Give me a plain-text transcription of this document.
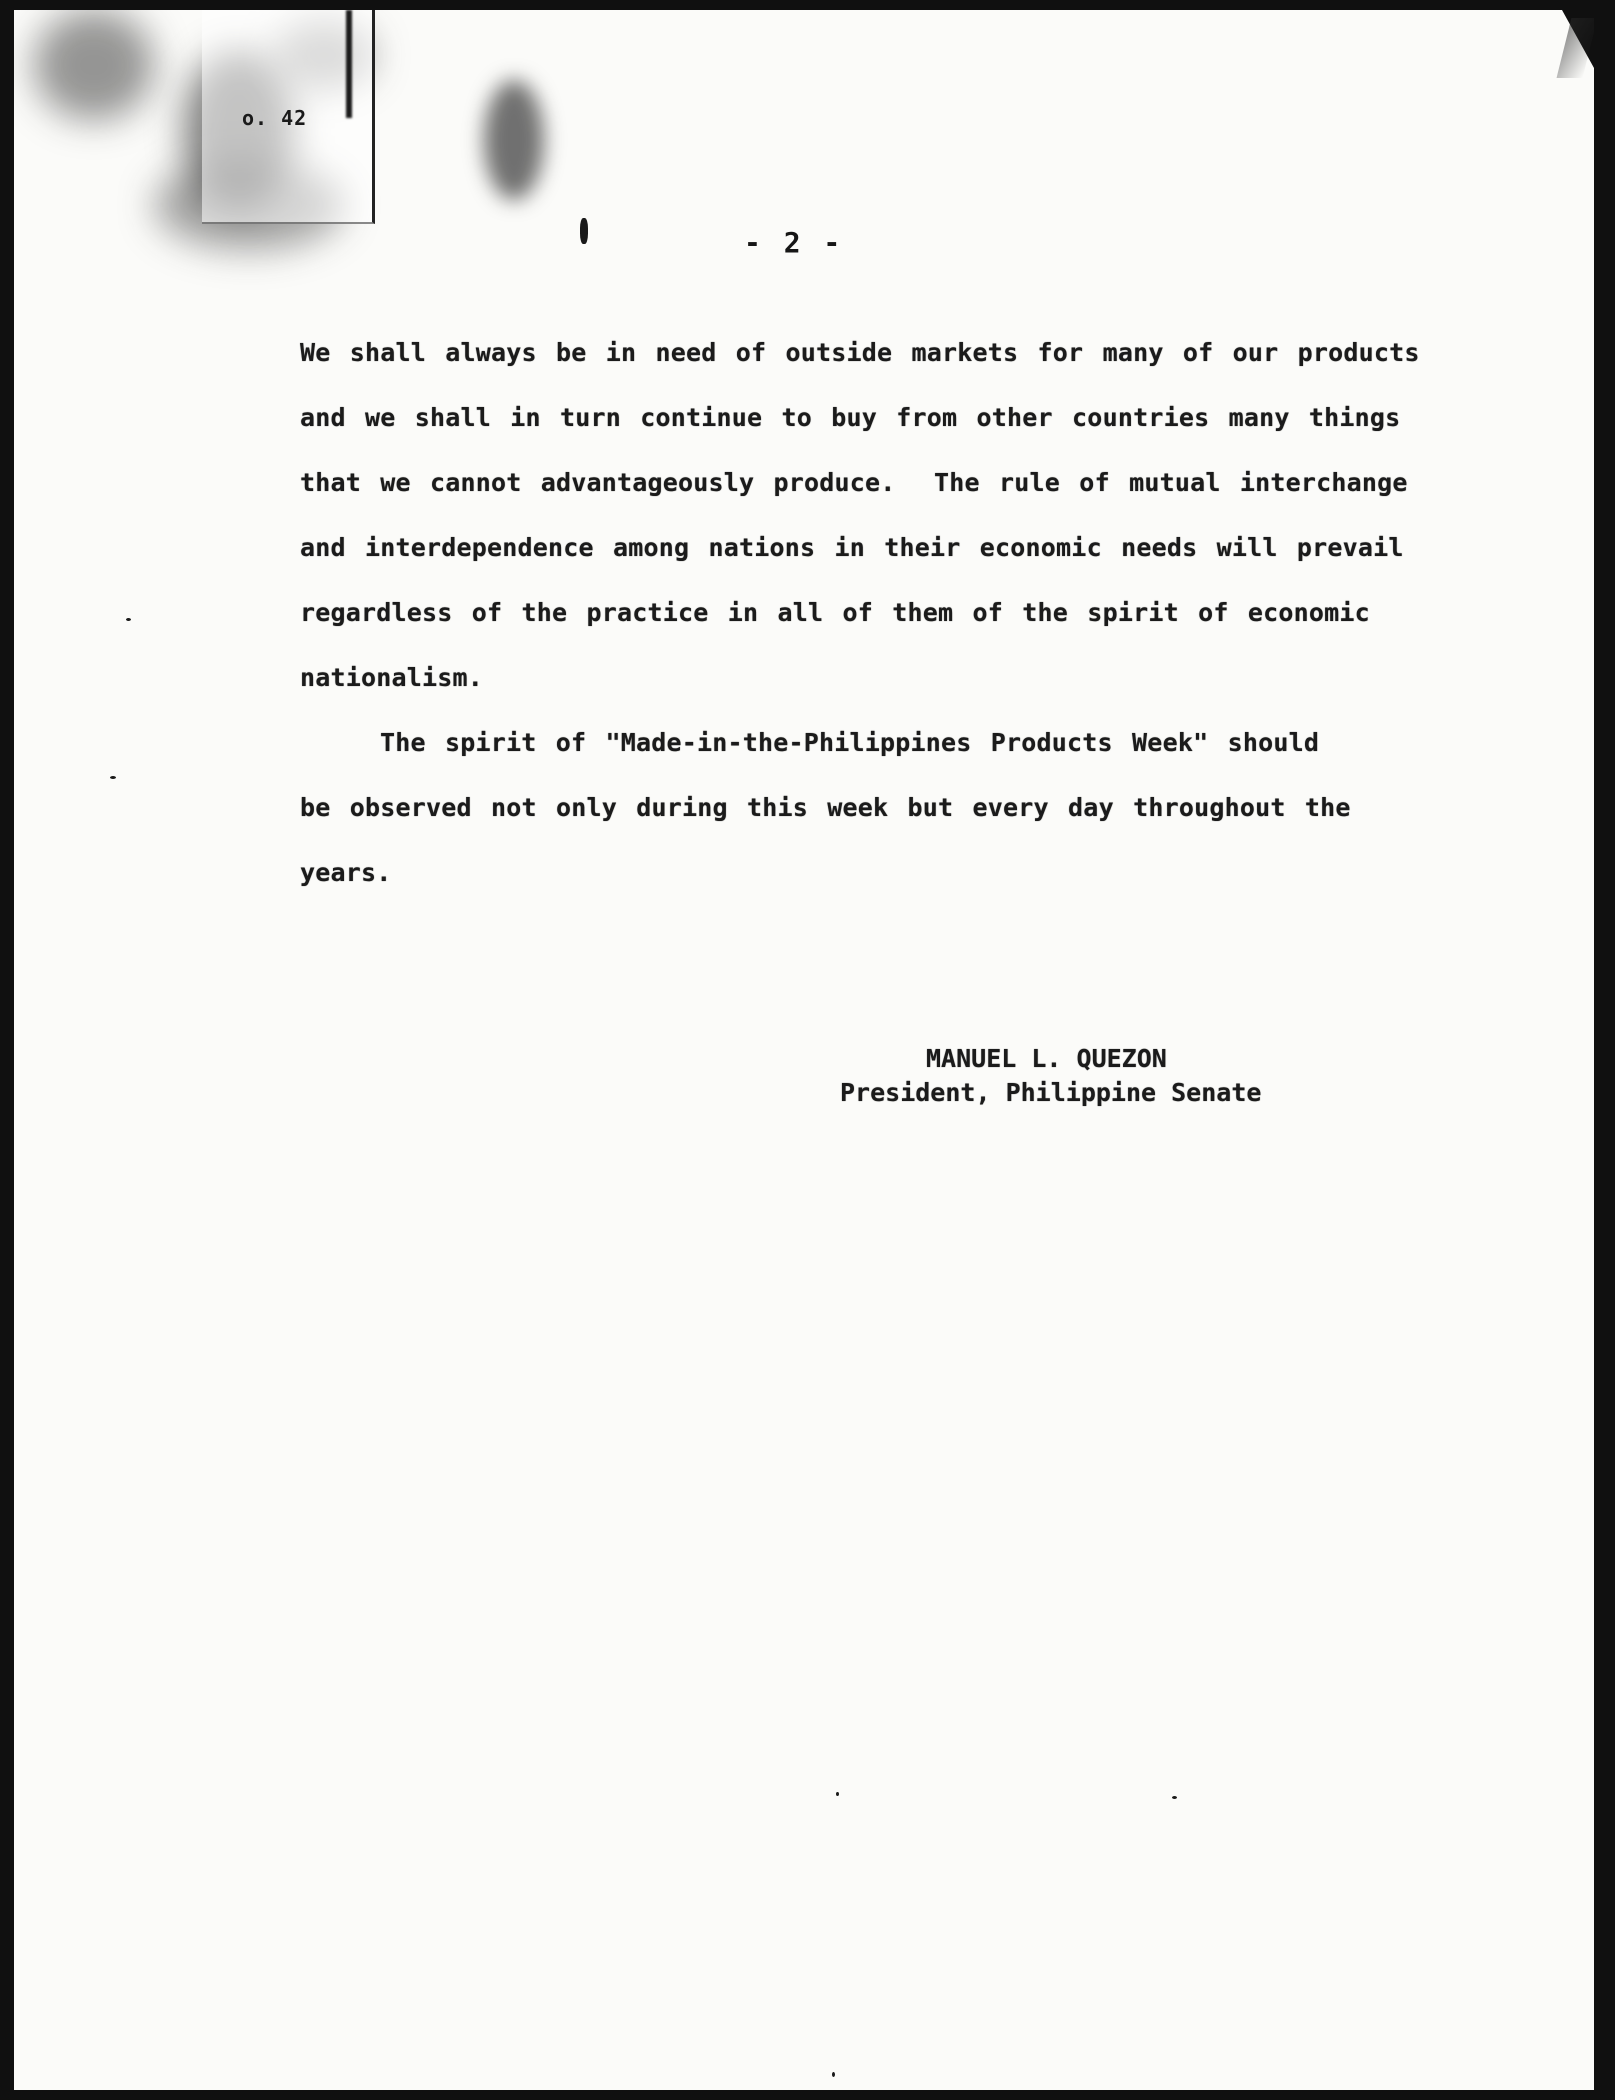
o. 42
- 2 -
We shall always be in need of outside markets for many of our products
and we shall in turn continue to buy from other countries many things
that we cannot advantageously produce.  The rule of mutual interchange
and interdependence among nations in their economic needs will prevail
regardless of the practice in all of them of the spirit of economic
nationalism.
The spirit of "Made-in-the-Philippines Products Week" should
be observed not only during this week but every day throughout the
years.
MANUEL L. QUEZON
President, Philippine Senate
